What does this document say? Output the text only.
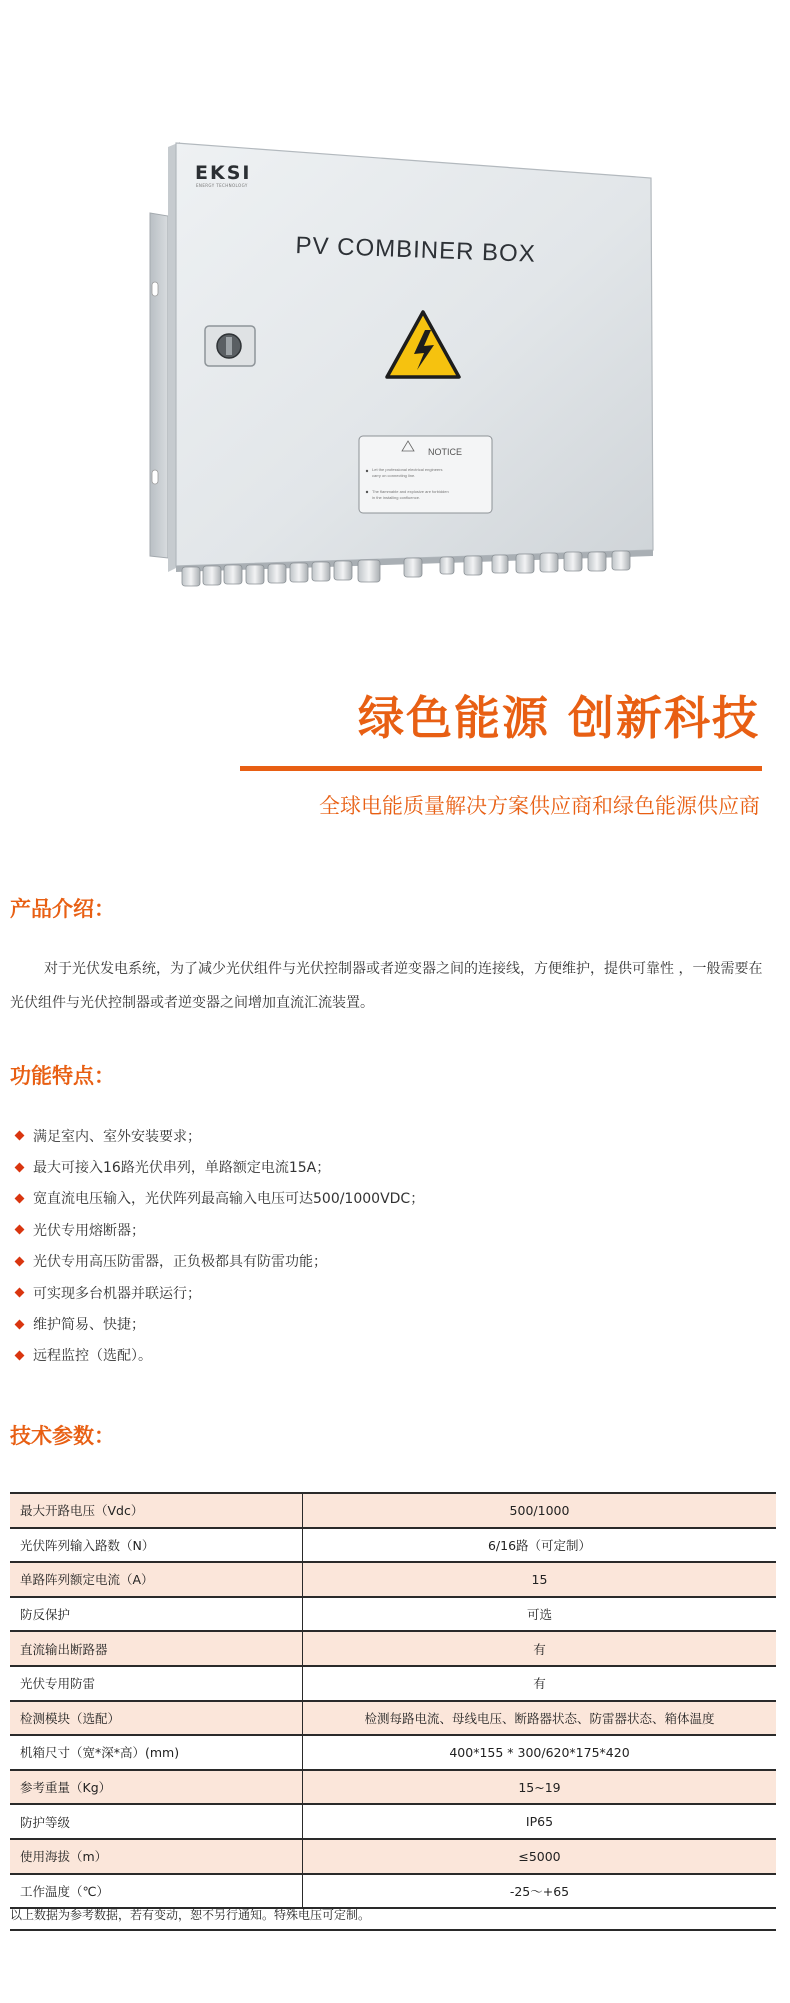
EKSI
ENERGY TECHNOLOGY
PV COMBINER BOX
NOTICE
Let the professional electrical engineers
carry on connecting line.
The flammable and explosive are forbidden
in the installing confluence.
绿色能源 创新科技
全球电能质量解决方案供应商和绿色能源供应商
产品介绍：

对于光伏发电系统，为了减少光伏组件与光伏控制器或者逆变器之间的连接线，方便维护，提供可靠性 ，一般需要在光伏组件与光伏控制器或者逆变器之间增加直流汇流装置。

功能特点：
满足室内、室外安装要求；
最大可接入16路光伏串列，单路额定电流15A；
宽直流电压输入，光伏阵列最高输入电压可达500/1000VDC；
光伏专用熔断器；
光伏专用高压防雷器，正负极都具有防雷功能；
可实现多台机器并联运行；
维护简易、快捷；
远程监控（选配）。
技术参数：
最大开路电压（Vdc）	500/1000
光伏阵列输入路数（N）	6/16路（可定制）
单路阵列额定电流（A）	15
防反保护	可选
直流输出断路器	有
光伏专用防雷	有
检测模块（选配）	检测每路电流、母线电压、断路器状态、防雷器状态、箱体温度
机箱尺寸（宽*深*高）(mm)	400*155 * 300/620*175*420
参考重量（Kg）	15~19
防护等级	IP65
使用海拔（m）	≤5000
工作温度（℃）	-25～+65
以上数据为参考数据，若有变动，恕不另行通知。特殊电压可定制。
